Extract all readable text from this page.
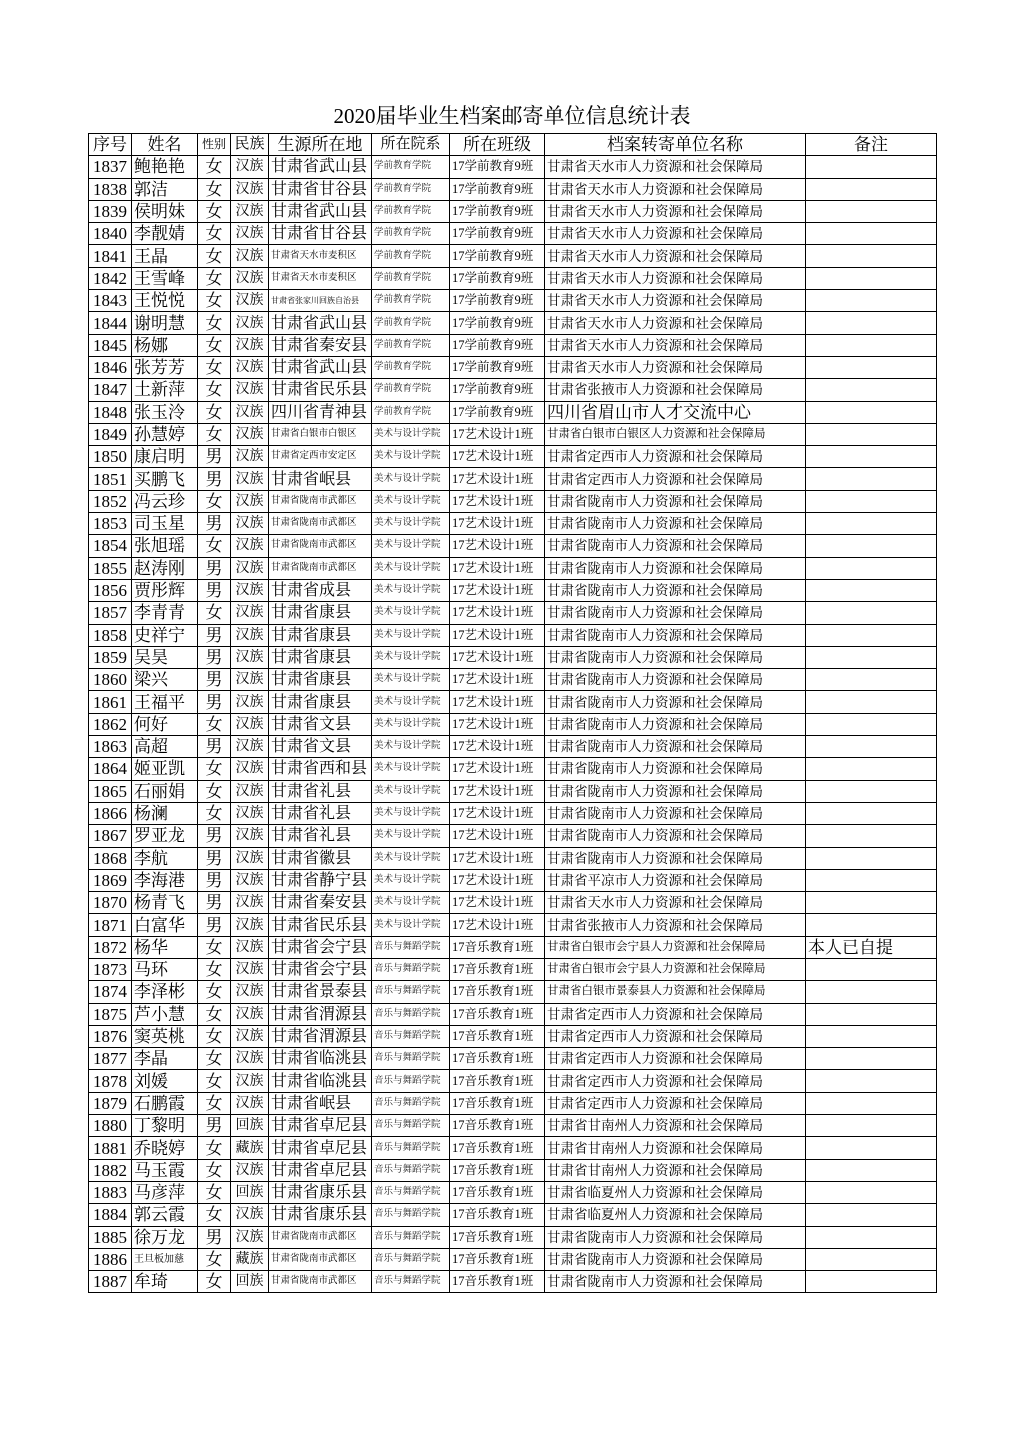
2020届毕业生档案邮寄单位信息统计表
序号	姓名	性别	民族	生源所在地	所在院系	所在班级	档案转寄单位名称	备注
1837	鲍艳艳	女	汉族	甘肃省武山县	学前教育学院	17学前教育9班	甘肃省天水市人力资源和社会保障局	
1838	郭洁	女	汉族	甘肃省甘谷县	学前教育学院	17学前教育9班	甘肃省天水市人力资源和社会保障局	
1839	侯明妹	女	汉族	甘肃省武山县	学前教育学院	17学前教育9班	甘肃省天水市人力资源和社会保障局	
1840	李靓婧	女	汉族	甘肃省甘谷县	学前教育学院	17学前教育9班	甘肃省天水市人力资源和社会保障局	
1841	王晶	女	汉族	甘肃省天水市麦积区	学前教育学院	17学前教育9班	甘肃省天水市人力资源和社会保障局	
1842	王雪峰	女	汉族	甘肃省天水市麦积区	学前教育学院	17学前教育9班	甘肃省天水市人力资源和社会保障局	
1843	王悦悦	女	汉族	甘肃省张家川回族自治县	学前教育学院	17学前教育9班	甘肃省天水市人力资源和社会保障局	
1844	谢明慧	女	汉族	甘肃省武山县	学前教育学院	17学前教育9班	甘肃省天水市人力资源和社会保障局	
1845	杨娜	女	汉族	甘肃省秦安县	学前教育学院	17学前教育9班	甘肃省天水市人力资源和社会保障局	
1846	张芳芳	女	汉族	甘肃省武山县	学前教育学院	17学前教育9班	甘肃省天水市人力资源和社会保障局	
1847	土新萍	女	汉族	甘肃省民乐县	学前教育学院	17学前教育9班	甘肃省张掖市人力资源和社会保障局	
1848	张玉泠	女	汉族	四川省青神县	学前教育学院	17学前教育9班	四川省眉山市人才交流中心	
1849	孙慧婷	女	汉族	甘肃省白银市白银区	美术与设计学院	17艺术设计1班	甘肃省白银市白银区人力资源和社会保障局	
1850	康启明	男	汉族	甘肃省定西市安定区	美术与设计学院	17艺术设计1班	甘肃省定西市人力资源和社会保障局	
1851	买鹏飞	男	汉族	甘肃省岷县	美术与设计学院	17艺术设计1班	甘肃省定西市人力资源和社会保障局	
1852	冯云珍	女	汉族	甘肃省陇南市武都区	美术与设计学院	17艺术设计1班	甘肃省陇南市人力资源和社会保障局	
1853	司玉星	男	汉族	甘肃省陇南市武都区	美术与设计学院	17艺术设计1班	甘肃省陇南市人力资源和社会保障局	
1854	张旭瑶	女	汉族	甘肃省陇南市武都区	美术与设计学院	17艺术设计1班	甘肃省陇南市人力资源和社会保障局	
1855	赵涛刚	男	汉族	甘肃省陇南市武都区	美术与设计学院	17艺术设计1班	甘肃省陇南市人力资源和社会保障局	
1856	贾彤辉	男	汉族	甘肃省成县	美术与设计学院	17艺术设计1班	甘肃省陇南市人力资源和社会保障局	
1857	李青青	女	汉族	甘肃省康县	美术与设计学院	17艺术设计1班	甘肃省陇南市人力资源和社会保障局	
1858	史祥宁	男	汉族	甘肃省康县	美术与设计学院	17艺术设计1班	甘肃省陇南市人力资源和社会保障局	
1859	吴昊	男	汉族	甘肃省康县	美术与设计学院	17艺术设计1班	甘肃省陇南市人力资源和社会保障局	
1860	梁兴	男	汉族	甘肃省康县	美术与设计学院	17艺术设计1班	甘肃省陇南市人力资源和社会保障局	
1861	王福平	男	汉族	甘肃省康县	美术与设计学院	17艺术设计1班	甘肃省陇南市人力资源和社会保障局	
1862	何好	女	汉族	甘肃省文县	美术与设计学院	17艺术设计1班	甘肃省陇南市人力资源和社会保障局	
1863	高超	男	汉族	甘肃省文县	美术与设计学院	17艺术设计1班	甘肃省陇南市人力资源和社会保障局	
1864	姬亚凯	女	汉族	甘肃省西和县	美术与设计学院	17艺术设计1班	甘肃省陇南市人力资源和社会保障局	
1865	石丽娟	女	汉族	甘肃省礼县	美术与设计学院	17艺术设计1班	甘肃省陇南市人力资源和社会保障局	
1866	杨澜	女	汉族	甘肃省礼县	美术与设计学院	17艺术设计1班	甘肃省陇南市人力资源和社会保障局	
1867	罗亚龙	男	汉族	甘肃省礼县	美术与设计学院	17艺术设计1班	甘肃省陇南市人力资源和社会保障局	
1868	李航	男	汉族	甘肃省徽县	美术与设计学院	17艺术设计1班	甘肃省陇南市人力资源和社会保障局	
1869	李海港	男	汉族	甘肃省静宁县	美术与设计学院	17艺术设计1班	甘肃省平凉市人力资源和社会保障局	
1870	杨青飞	男	汉族	甘肃省秦安县	美术与设计学院	17艺术设计1班	甘肃省天水市人力资源和社会保障局	
1871	白富华	男	汉族	甘肃省民乐县	美术与设计学院	17艺术设计1班	甘肃省张掖市人力资源和社会保障局	
1872	杨华	女	汉族	甘肃省会宁县	音乐与舞蹈学院	17音乐教育1班	甘肃省白银市会宁县人力资源和社会保障局	本人已自提
1873	马环	女	汉族	甘肃省会宁县	音乐与舞蹈学院	17音乐教育1班	甘肃省白银市会宁县人力资源和社会保障局	
1874	李泽彬	女	汉族	甘肃省景泰县	音乐与舞蹈学院	17音乐教育1班	甘肃省白银市景泰县人力资源和社会保障局	
1875	芦小慧	女	汉族	甘肃省渭源县	音乐与舞蹈学院	17音乐教育1班	甘肃省定西市人力资源和社会保障局	
1876	窦英桃	女	汉族	甘肃省渭源县	音乐与舞蹈学院	17音乐教育1班	甘肃省定西市人力资源和社会保障局	
1877	李晶	女	汉族	甘肃省临洮县	音乐与舞蹈学院	17音乐教育1班	甘肃省定西市人力资源和社会保障局	
1878	刘媛	女	汉族	甘肃省临洮县	音乐与舞蹈学院	17音乐教育1班	甘肃省定西市人力资源和社会保障局	
1879	石鹏霞	女	汉族	甘肃省岷县	音乐与舞蹈学院	17音乐教育1班	甘肃省定西市人力资源和社会保障局	
1880	丁黎明	男	回族	甘肃省卓尼县	音乐与舞蹈学院	17音乐教育1班	甘肃省甘南州人力资源和社会保障局	
1881	乔晓婷	女	藏族	甘肃省卓尼县	音乐与舞蹈学院	17音乐教育1班	甘肃省甘南州人力资源和社会保障局	
1882	马玉霞	女	汉族	甘肃省卓尼县	音乐与舞蹈学院	17音乐教育1班	甘肃省甘南州人力资源和社会保障局	
1883	马彦萍	女	回族	甘肃省康乐县	音乐与舞蹈学院	17音乐教育1班	甘肃省临夏州人力资源和社会保障局	
1884	郭云霞	女	汉族	甘肃省康乐县	音乐与舞蹈学院	17音乐教育1班	甘肃省临夏州人力资源和社会保障局	
1885	徐万龙	男	汉族	甘肃省陇南市武都区	音乐与舞蹈学院	17音乐教育1班	甘肃省陇南市人力资源和社会保障局	
1886	王旦板加慈	女	藏族	甘肃省陇南市武都区	音乐与舞蹈学院	17音乐教育1班	甘肃省陇南市人力资源和社会保障局	
1887	牟琦	女	回族	甘肃省陇南市武都区	音乐与舞蹈学院	17音乐教育1班	甘肃省陇南市人力资源和社会保障局	
